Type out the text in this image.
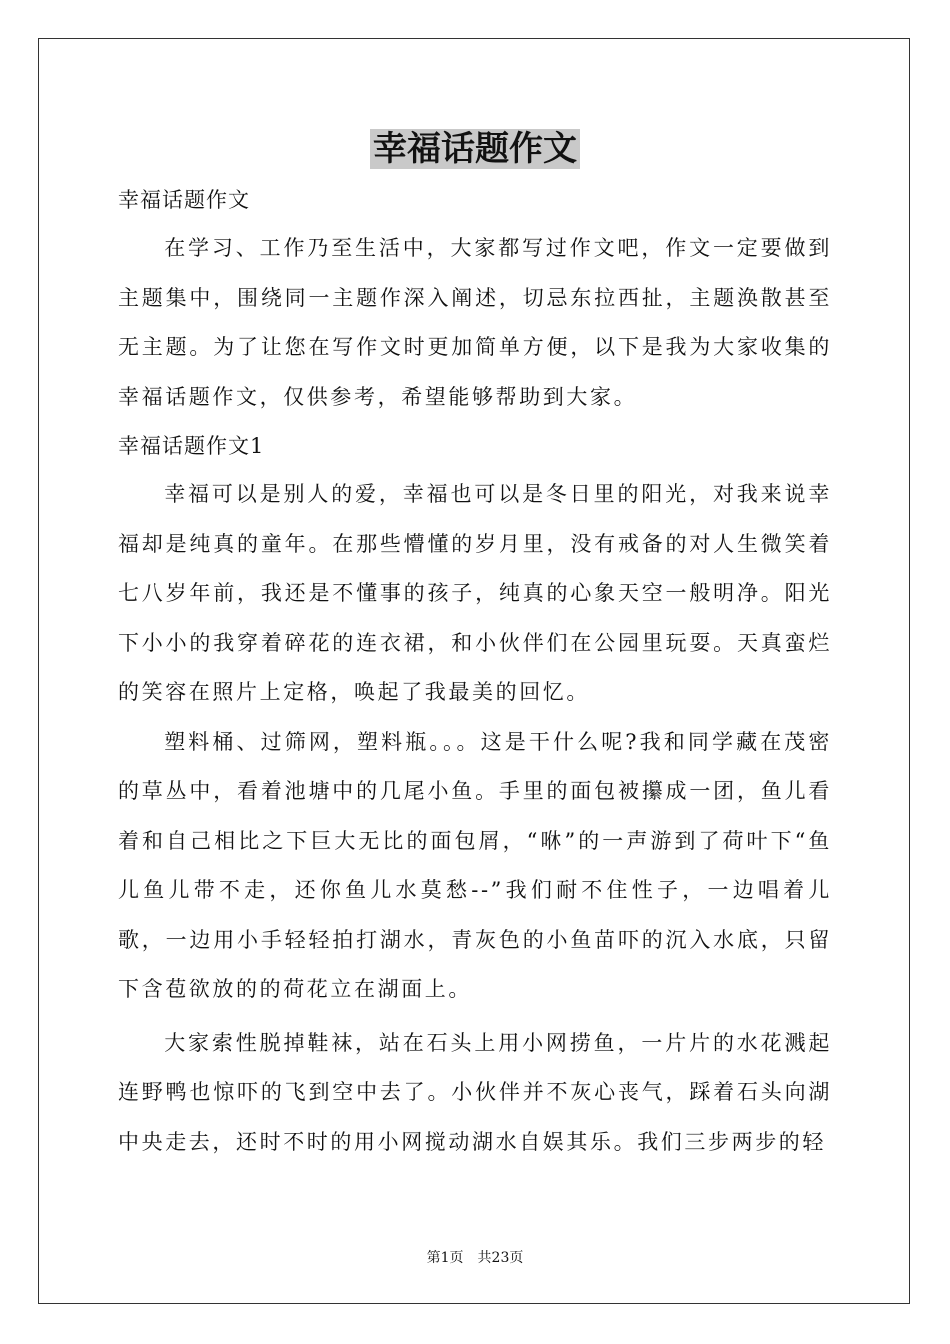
幸福话题作文

幸福话题作文

在学习、工作乃至生活中，大家都写过作文吧，作文一定要做到主题集中，围绕同一主题作深入阐述，切忌东拉西扯，主题涣散甚至无主题。为了让您在写作文时更加简单方便，以下是我为大家收集的幸福话题作文，仅供参考，希望能够帮助到大家。

幸福话题作文1

幸福可以是别人的爱，幸福也可以是冬日里的阳光，对我来说幸福却是纯真的童年。在那些懵懂的岁月里，没有戒备的对人生微笑着七八岁年前，我还是不懂事的孩子，纯真的心象天空一般明净。阳光下小小的我穿着碎花的连衣裙，和小伙伴们在公园里玩耍。天真蛮烂的笑容在照片上定格，唤起了我最美的回忆。

塑料桶、过筛网，塑料瓶。。。这是干什么呢?我和同学藏在茂密的草丛中，看着池塘中的几尾小鱼。手里的面包被攥成一团，鱼儿看着和自己相比之下巨大无比的面包屑，“咻”的一声游到了荷叶下“鱼儿鱼儿带不走，还你鱼儿水莫愁--”我们耐不住性子，一边唱着儿歌，一边用小手轻轻拍打湖水，青灰色的小鱼苗吓的沉入水底，只留下含苞欲放的的荷花立在湖面上。

大家索性脱掉鞋袜，站在石头上用小网捞鱼，一片片的水花溅起连野鸭也惊吓的飞到空中去了。小伙伴并不灰心丧气，踩着石头向湖中央走去，还时不时的用小网搅动湖水自娱其乐。我们三步两步的轻

第1页　共23页
